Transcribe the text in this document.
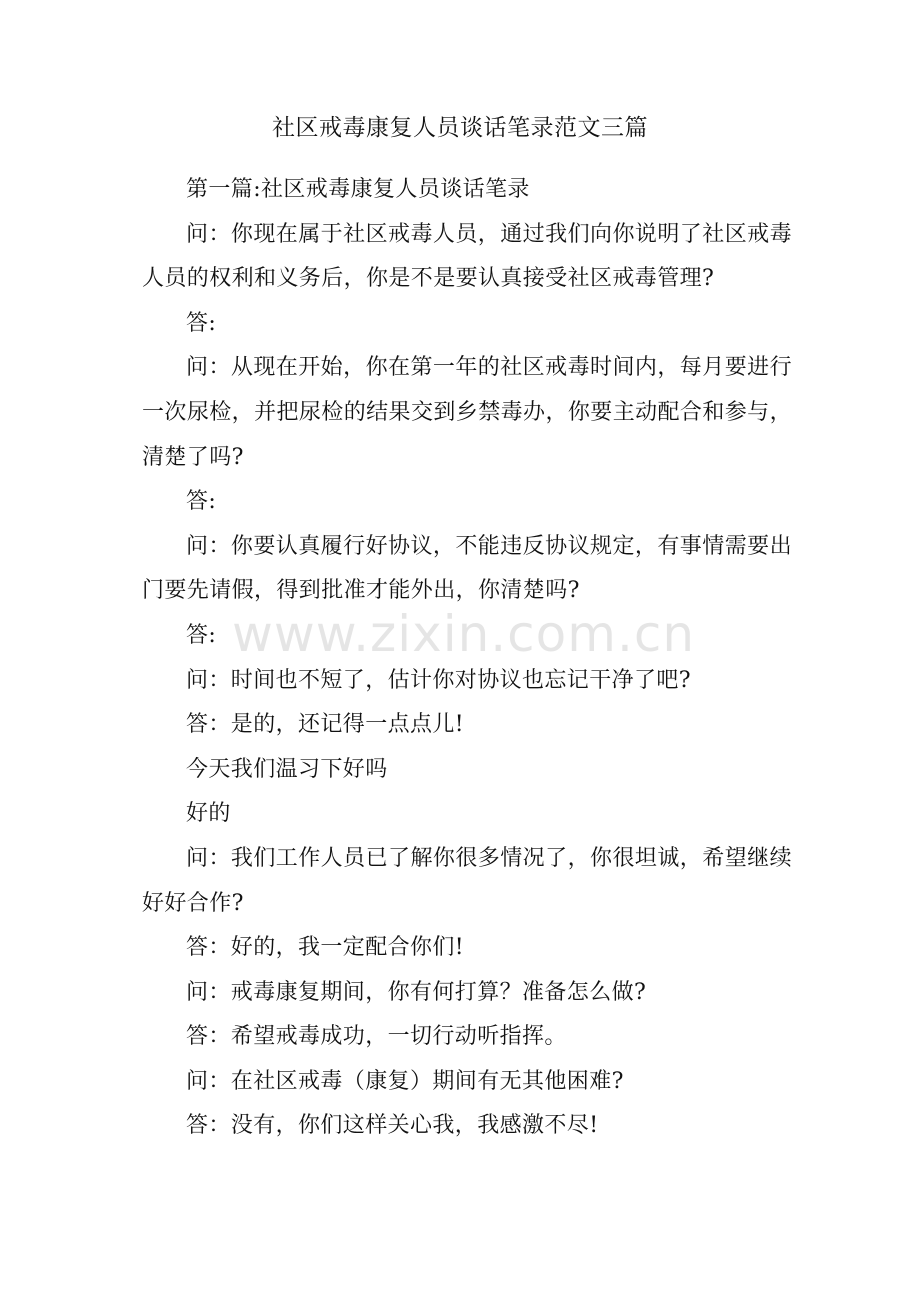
社区戒毒康复人员谈话笔录范文三篇

第一篇:社区戒毒康复人员谈话笔录

问：你现在属于社区戒毒人员，通过我们向你说明了社区戒毒人员的权利和义务后，你是不是要认真接受社区戒毒管理?

答:

问：从现在开始，你在第一年的社区戒毒时间内，每月要进行一次尿检，并把尿检的结果交到乡禁毒办，你要主动配合和参与，清楚了吗?

答:

问：你要认真履行好协议，不能违反协议规定，有事情需要出门要先请假，得到批准才能外出，你清楚吗?

答:

问：时间也不短了，估计你对协议也忘记干净了吧?

答：是的，还记得一点点儿!

今天我们温习下好吗

好的

问：我们工作人员已了解你很多情况了，你很坦诚，希望继续好好合作?

答：好的，我一定配合你们!

问：戒毒康复期间，你有何打算？准备怎么做?

答：希望戒毒成功，一切行动听指挥。

问：在社区戒毒（康复）期间有无其他困难?

答：没有，你们这样关心我，我感激不尽!

www.zixin.com.cn
